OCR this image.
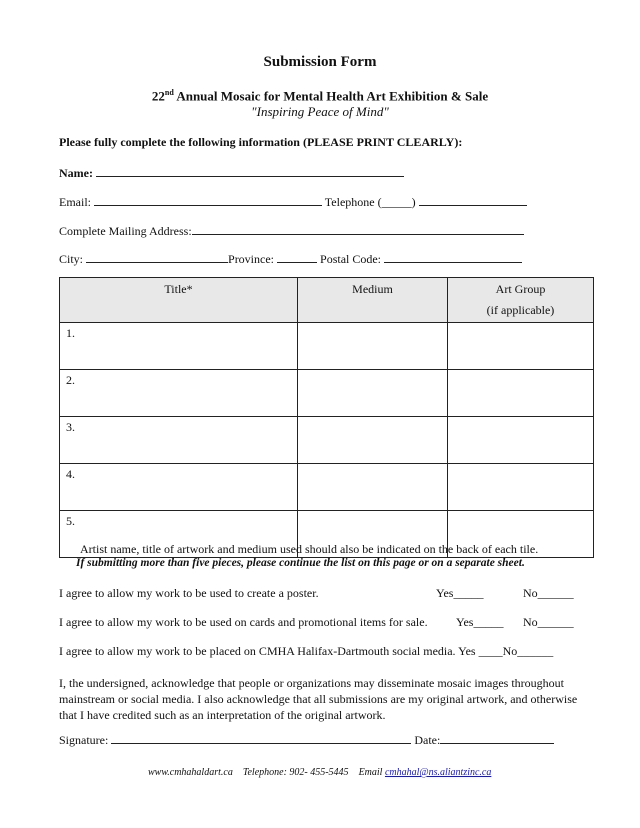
Submission Form
22nd Annual Mosaic for Mental Health Art Exhibition & Sale
"Inspiring Peace of Mind"
Please fully complete the following information (PLEASE PRINT CLEARLY):
Name:
Email:	Telephone (_____)
Complete Mailing Address:
City:	Province:	Postal Code:
Title*	Medium	Art Group
(if applicable)
1.		
2.		
3.		
4.		
5.		
Artist name, title of artwork and medium used should also be indicated on the back of each tile.
If submitting more than five pieces, please continue the list on this page or on a separate sheet.
I agree to allow my work to be used to create a poster.	Yes_____	No______
I agree to allow my work to be used on cards and promotional items for sale. Yes_____ No______
I agree to allow my work to be placed on CMHA Halifax-Dartmouth social media. Yes ____No______
I, the undersigned, acknowledge that people or organizations may disseminate mosaic images throughout mainstream or social media. I also acknowledge that all submissions are my original artwork, and otherwise that I have credited such as an interpretation of the original artwork.
Signature:	Date:
www.cmhahaldart.ca Telephone: 902- 455-5445 Email cmhahal@ns.aliantzinc.ca
